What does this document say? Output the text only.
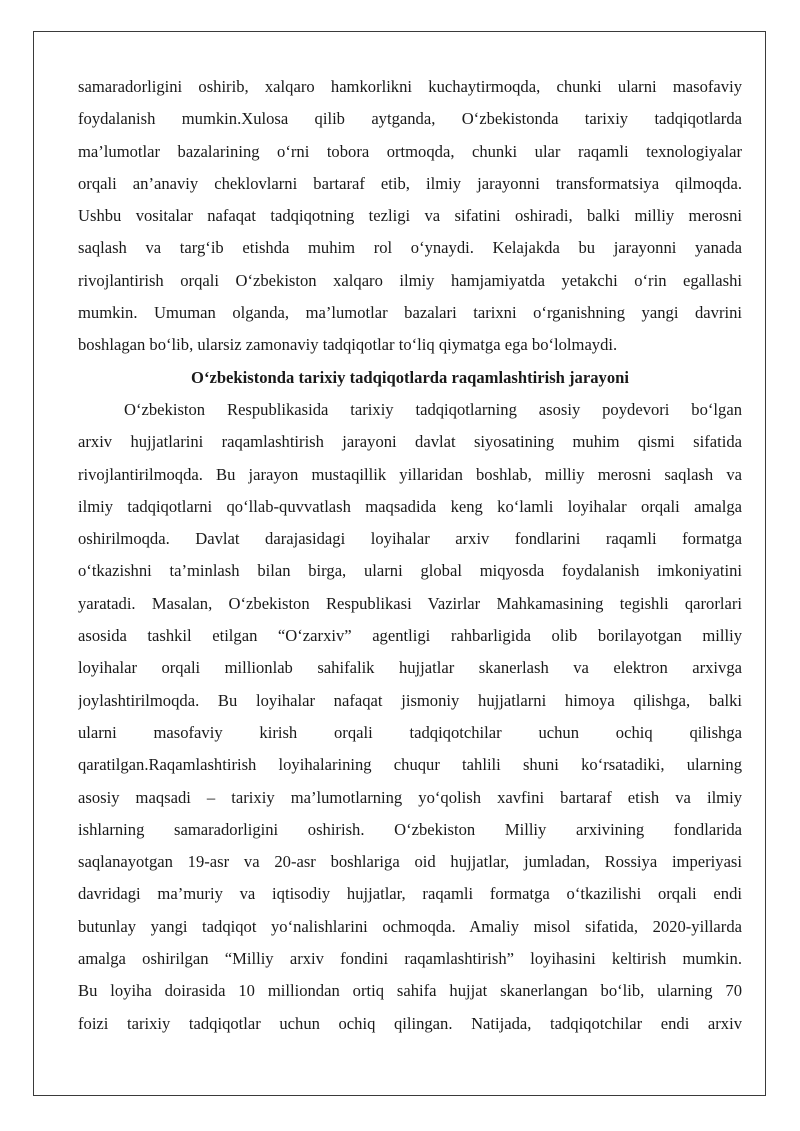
samaradorligini oshirib, xalqaro hamkorlikni kuchaytirmoqda, chunki ularni masofaviy
foydalanish mumkin.Xulosa qilib aytganda, O‘zbekistonda tarixiy tadqiqotlarda
ma’lumotlar bazalarining o‘rni tobora ortmoqda, chunki ular raqamli texnologiyalar
orqali an’anaviy cheklovlarni bartaraf etib, ilmiy jarayonni transformatsiya qilmoqda.
Ushbu vositalar nafaqat tadqiqotning tezligi va sifatini oshiradi, balki milliy merosni
saqlash va targ‘ib etishda muhim rol o‘ynaydi. Kelajakda bu jarayonni yanada
rivojlantirish orqali O‘zbekiston xalqaro ilmiy hamjamiyatda yetakchi o‘rin egallashi
mumkin. Umuman olganda, ma’lumotlar bazalari tarixni o‘rganishning yangi davrini
boshlagan bo‘lib, ularsiz zamonaviy tadqiqotlar to‘liq qiymatga ega bo‘lolmaydi.
O‘zbekistonda tarixiy tadqiqotlarda raqamlashtirish jarayoni
O‘zbekiston Respublikasida tarixiy tadqiqotlarning asosiy poydevori bo‘lgan
arxiv hujjatlarini raqamlashtirish jarayoni davlat siyosatining muhim qismi sifatida
rivojlantirilmoqda. Bu jarayon mustaqillik yillaridan boshlab, milliy merosni saqlash va
ilmiy tadqiqotlarni qo‘llab-quvvatlash maqsadida keng ko‘lamli loyihalar orqali amalga
oshirilmoqda. Davlat darajasidagi loyihalar arxiv fondlarini raqamli formatga
o‘tkazishni ta’minlash bilan birga, ularni global miqyosda foydalanish imkoniyatini
yaratadi. Masalan, O‘zbekiston Respublikasi Vazirlar Mahkamasining tegishli qarorlari
asosida tashkil etilgan “O‘zarxiv” agentligi rahbarligida olib borilayotgan milliy
loyihalar orqali millionlab sahifalik hujjatlar skanerlash va elektron arxivga
joylashtirilmoqda. Bu loyihalar nafaqat jismoniy hujjatlarni himoya qilishga, balki
ularni masofaviy kirish orqali tadqiqotchilar uchun ochiq qilishga
qaratilgan.Raqamlashtirish loyihalarining chuqur tahlili shuni ko‘rsatadiki, ularning
asosiy maqsadi – tarixiy ma’lumotlarning yo‘qolish xavfini bartaraf etish va ilmiy
ishlarning samaradorligini oshirish. O‘zbekiston Milliy arxivining fondlarida
saqlanayotgan 19-asr va 20-asr boshlariga oid hujjatlar, jumladan, Rossiya imperiyasi
davridagi ma’muriy va iqtisodiy hujjatlar, raqamli formatga o‘tkazilishi orqali endi
butunlay yangi tadqiqot yo‘nalishlarini ochmoqda. Amaliy misol sifatida, 2020-yillarda
amalga oshirilgan “Milliy arxiv fondini raqamlashtirish” loyihasini keltirish mumkin.
Bu loyiha doirasida 10 milliondan ortiq sahifa hujjat skanerlangan bo‘lib, ularning 70
foizi tarixiy tadqiqotlar uchun ochiq qilingan. Natijada, tadqiqotchilar endi arxiv
